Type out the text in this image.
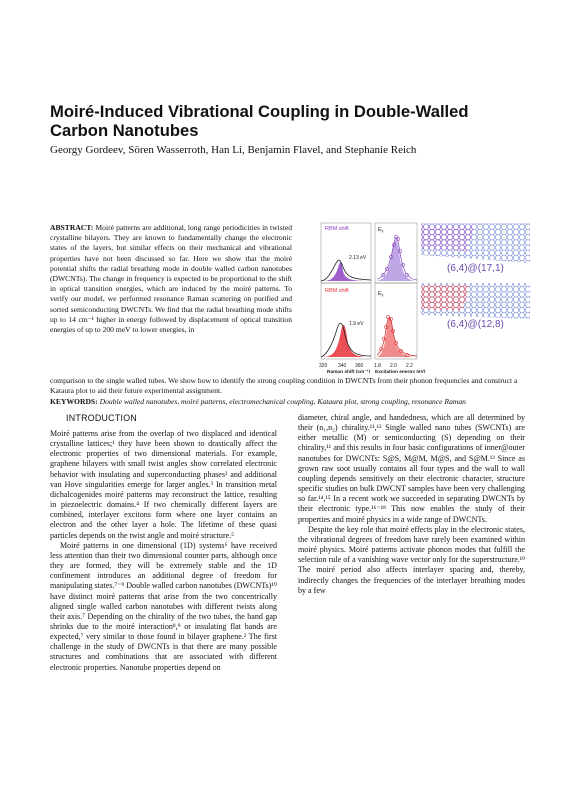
Moiré-Induced Vibrational Coupling in Double-Walled Carbon Nanotubes
Georgy Gordeev, Sören Wasserroth, Han Li, Benjamin Flavel, and Stephanie Reich
ABSTRACT: Moiré patterns are additional, long range periodicities in twisted crystalline bilayers. They are known to fundamentally change the electronic states of the layers, but similar effects on their mechanical and vibrational properties have not been discussed so far. Here we show that the moiré potential shifts the radial breathing mode in double walled carbon nanotubes (DWCNTs). The change in frequency is expected to be proportional to the shift in optical transition energies, which are induced by the moiré patterns. To verify our model, we performed resonance Raman scattering on purified and sorted semiconducting DWCNTs. We find that the radial breathing mode shifts up to 14 cm⁻¹ higher in energy followed by displacement of optical transition energies of up to 200 meV to lower energies, in
comparison to the single walled tubes. We show how to identify the strong coupling condition in DWCNTs from their phonon frequencies and construct a Kataura plot to aid their future experimental assignment.
KEYWORDS: Double walled nanotubes, moiré patterns, electromechanical coupling, Kataura plot, strong coupling, resonance Raman
RBM shift
2.13 eV
RBM shift
1.9 eV
320 340 360
Raman shift (cm⁻¹)
$E_{ii}$
$E_{ii}$
1.8 2.0 2.2
Excitation energy (eV)
(6,4)@(17,1)
(6,4)@(12,8)
INTRODUCTION

Moiré patterns arise from the overlap of two displaced and identical crystalline lattices;¹ they have been shown to drastically affect the electronic properties of two dimensional materials. For example, graphene bilayers with small twist angles show correlated electronic behavior with insulating and superconducting phases² and additional van Hove singularities emerge for larger angles.³ In transition metal dichalcogenides moiré patterns may reconstruct the lattice, resulting in piezoelectric domains.⁴ If two chemically different layers are combined, interlayer excitons form where one layer contains an electron and the other layer a hole. The lifetime of these quasi particles depends on the twist angle and moiré structure.⁵

Moiré patterns in one dimensional (1D) systems⁶ have received less attention than their two dimensional counter parts, although once they are formed, they will be extremely stable and the 1D confinement introduces an additional degree of freedom for manipulating states.⁷⁻⁹ Double walled carbon nanotubes (DWCNTs)¹⁰ have distinct moiré patterns that arise from the two concentrically aligned single walled carbon nanotubes with different twists along their axis.⁷ Depending on the chirality of the two tubes, the band gap shrinks due to the moiré interaction⁸,⁹ or insulating flat bands are expected,⁷ very similar to those found in bilayer graphene.² The first challenge in the study of DWCNTs is that there are many possible structures and combinations that are associated with different electronic properties. Nanotube properties depend on

diameter, chiral angle, and handedness, which are all determined by their (n₁,n₂) chirality.¹¹,¹² Single walled nano tubes (SWCNTs) are either metallic (M) or semiconducting (S) depending on their chirality,¹¹ and this results in four basic configurations of inner@outer nanotubes for DWCNTs: S@S, M@M, M@S, and S@M.¹³ Since as grown raw soot usually contains all four types and the wall to wall coupling depends sensitively on their electronic character, structure specific studies on bulk DWCNT samples have been very challenging so far.¹⁴,¹⁵ In a recent work we succeeded in separating DWCNTs by their electronic type.¹⁶⁻¹⁸ This now enables the study of their properties and moiré physics in a wide range of DWCNTs.

Despite the key role that moiré effects play in the electronic states, the vibrational degrees of freedom have rarely been examined within moiré physics. Moiré patterns activate phonon modes that fulfill the selection rule of a vanishing wave vector only for the superstructure.¹⁹ The moiré period also affects interlayer spacing and, thereby, indirectly changes the frequencies of the interlayer breathing modes by a few
